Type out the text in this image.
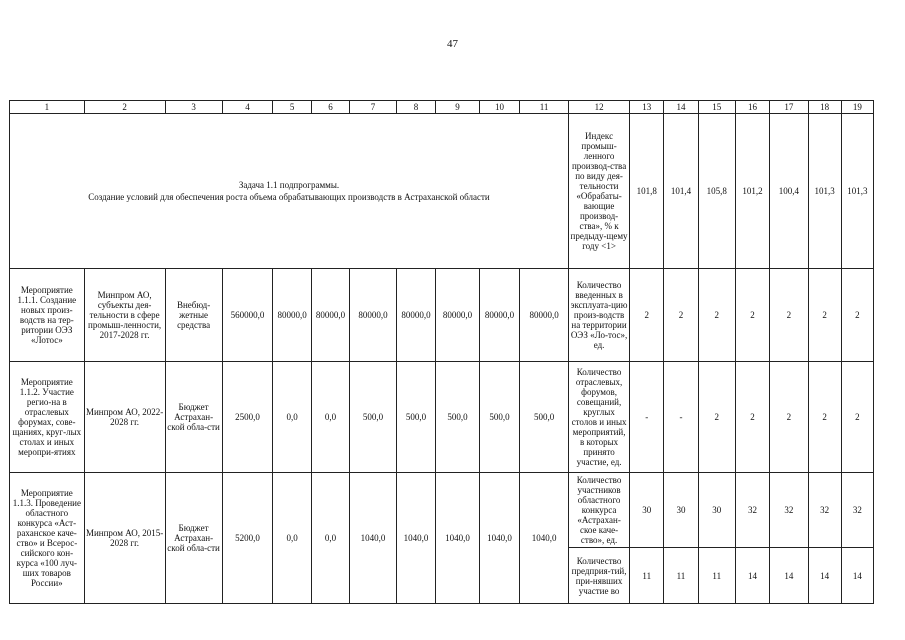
47
1	2	3	4	5	6	7	8	9	10	11	12	13	14	15	16	17	18	19

Задача 1.1 подпрограммы.
Создание условий для обеспечения роста объема обрабатывающих производств в Астраханской области											Индекс промыш-ленного производ-ства по виду дея-тельности «Обрабаты-вающие производ-ства», % к предыду-щему году <1>	101,8	101,4	105,8	101,2	100,4	101,3	101,3
Мероприятие 1.1.1. Создание новых произ-водств на тер-ритории ОЭЗ «Лотос»	Минпром АО, субъекты дея-тельности в сфере промыш-ленности, 2017-2028 гг.	Внебюд-жетные средства	560000,0	80000,0	80000,0	80000,0	80000,0	80000,0	80000,0	80000,0	Количество введенных в эксплуата-цию произ-водств на территории ОЭЗ «Ло-тос», ед.	2	2	2	2	2	2	2
Мероприятие 1.1.2. Участие регио-на в отраслевых форумах, сове-щаниях, круг-лых столах и иных меропри-ятиях	Минпром АО, 2022-2028 гг.	Бюджет Астрахан-ской обла-сти	2500,0	0,0	0,0	500,0	500,0	500,0	500,0	500,0	Количество отраслевых, форумов, совещаний, круглых столов и иных мероприятий, в которых принято участие, ед.	-	-	2	2	2	2	2
Мероприятие 1.1.3. Проведение областного конкурса «Аст-раханское каче-ство» и Всерос-сийского кон-курса «100 луч-ших товаров России»	Минпром АО, 2015-2028 гг.	Бюджет Астрахан-ской обла-сти	5200,0	0,0	0,0	1040,0	1040,0	1040,0	1040,0	1040,0	Количество участников областного конкурса «Астрахан-ское каче-ство», ед.	30	30	30	32	32	32	32
											Количество предприя-тий, при-нявших участие во	11	11	11	14	14	14	14
